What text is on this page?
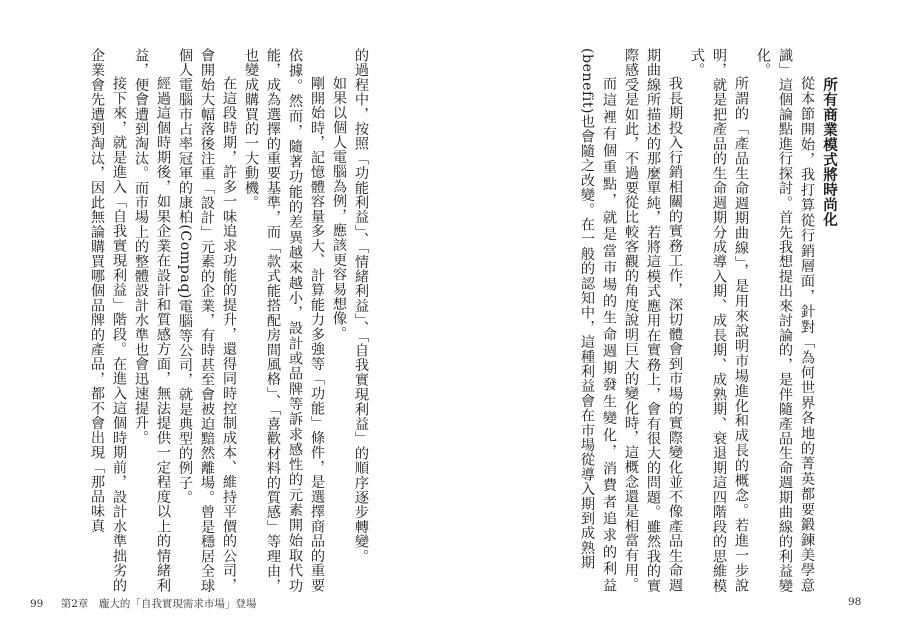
的過程中，按照「功能利益」、「情緒利益」、「自我實現利益」的順序逐步轉變。

如果以個人電腦為例，應該更容易想像。

剛開始時，記憶體容量多大、計算能力多強等「功能」條件，是選擇商品的重要依據。然而，隨著功能的差異越來越小，設計或品牌等訴求感性的元素開始取代功能，成為選擇的重要基準，而「款式能搭配房間風格」、「喜歡材料的質感」等理由，也變成購買的一大動機。

在這段時期，許多一味追求功能的提升，還得同時控制成本、維持平價的公司，會開始大幅落後注重「設計」元素的企業，有時甚至會被迫黯然離場。曾是穩居全球個人電腦市占率冠軍的康柏(Compaq)電腦等公司，就是典型的例子。

經過這個時期後，如果企業在設計和質感方面，無法提供一定程度以上的情緒利益，便會遭到淘汰。而市場上的整體設計水準也會迅速提升。

接下來，就是進入「自我實現利益」階段。在進入這個時期前，設計水準拙劣的企業會先遭到淘汰，因此無論購買哪個品牌的產品，都不會出現「那品味真	所有商業模式將時尚化

從本節開始，我打算從行銷層面，針對「為何世界各地的菁英都要鍛鍊美學意識」這個論點進行探討。首先我想提出來討論的，是伴隨產品生命週期曲線的利益變化。

所謂的「產品生命週期曲線」，是用來說明市場進化和成長的概念。若進一步說明，就是把產品的生命週期分成導入期、成長期、成熟期、衰退期這四階段的思維模式。

我長期投入行銷相關的實務工作，深切體會到市場的實際變化並不像產品生命週期曲線所描述的那麼單純，若將這模式應用在實務上，會有很大的問題。雖然我的實際感受是如此，不過要從比較客觀的角度說明巨大的變化時，這概念還是相當有用。

而這裡有個重點，就是當市場的生命週期發生變化，消費者追求的利益(benefit)也會隨之改變。在一般的認知中，這種利益會在市場從導入期到成熟期

99 第2章　龐大的「自我實現需求市場」登場	98
